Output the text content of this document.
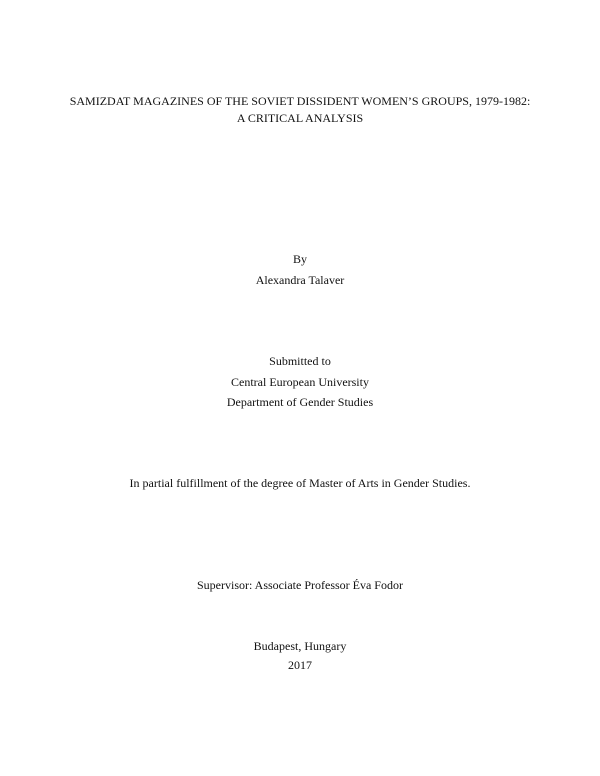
SAMIZDAT MAGAZINES OF THE SOVIET DISSIDENT WOMEN’S GROUPS, 1979-1982:
A CRITICAL ANALYSIS
By
Alexandra Talaver
Submitted to
Central European University
Department of Gender Studies
In partial fulfillment of the degree of Master of Arts in Gender Studies.
Supervisor: Associate Professor Éva Fodor
Budapest, Hungary
2017
